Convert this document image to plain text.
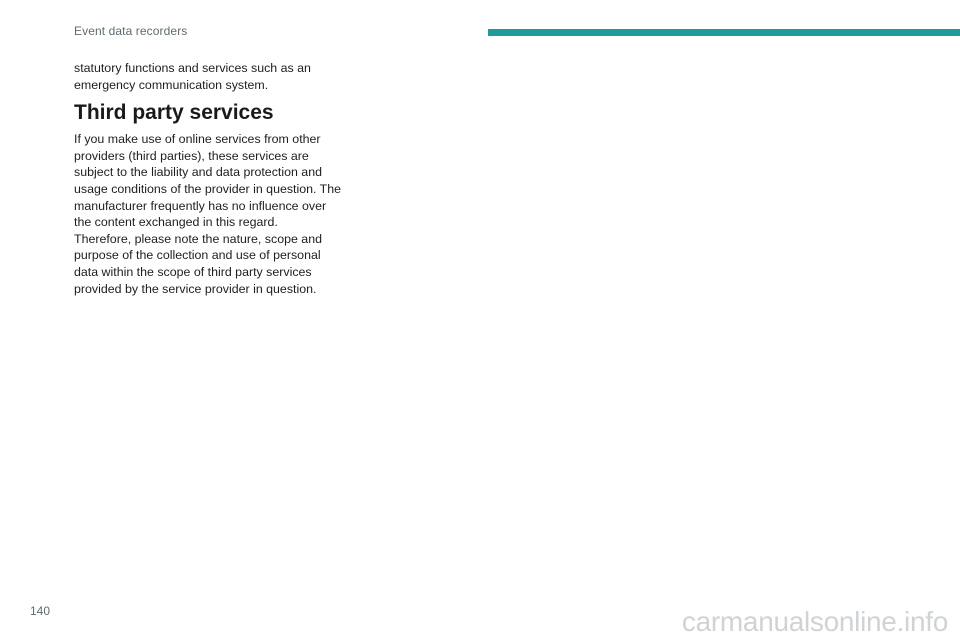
Event data recorders

statutory functions and services such as an emergency communication system.

Third party services

If you make use of online services from other providers (third parties), these services are subject to the liability and data protection and usage conditions of the provider in question. The manufacturer frequently has no influence over the content exchanged in this regard.

Therefore, please note the nature, scope and purpose of the collection and use of personal data within the scope of third party services provided by the service provider in question.

140	carmanualsonline.info
